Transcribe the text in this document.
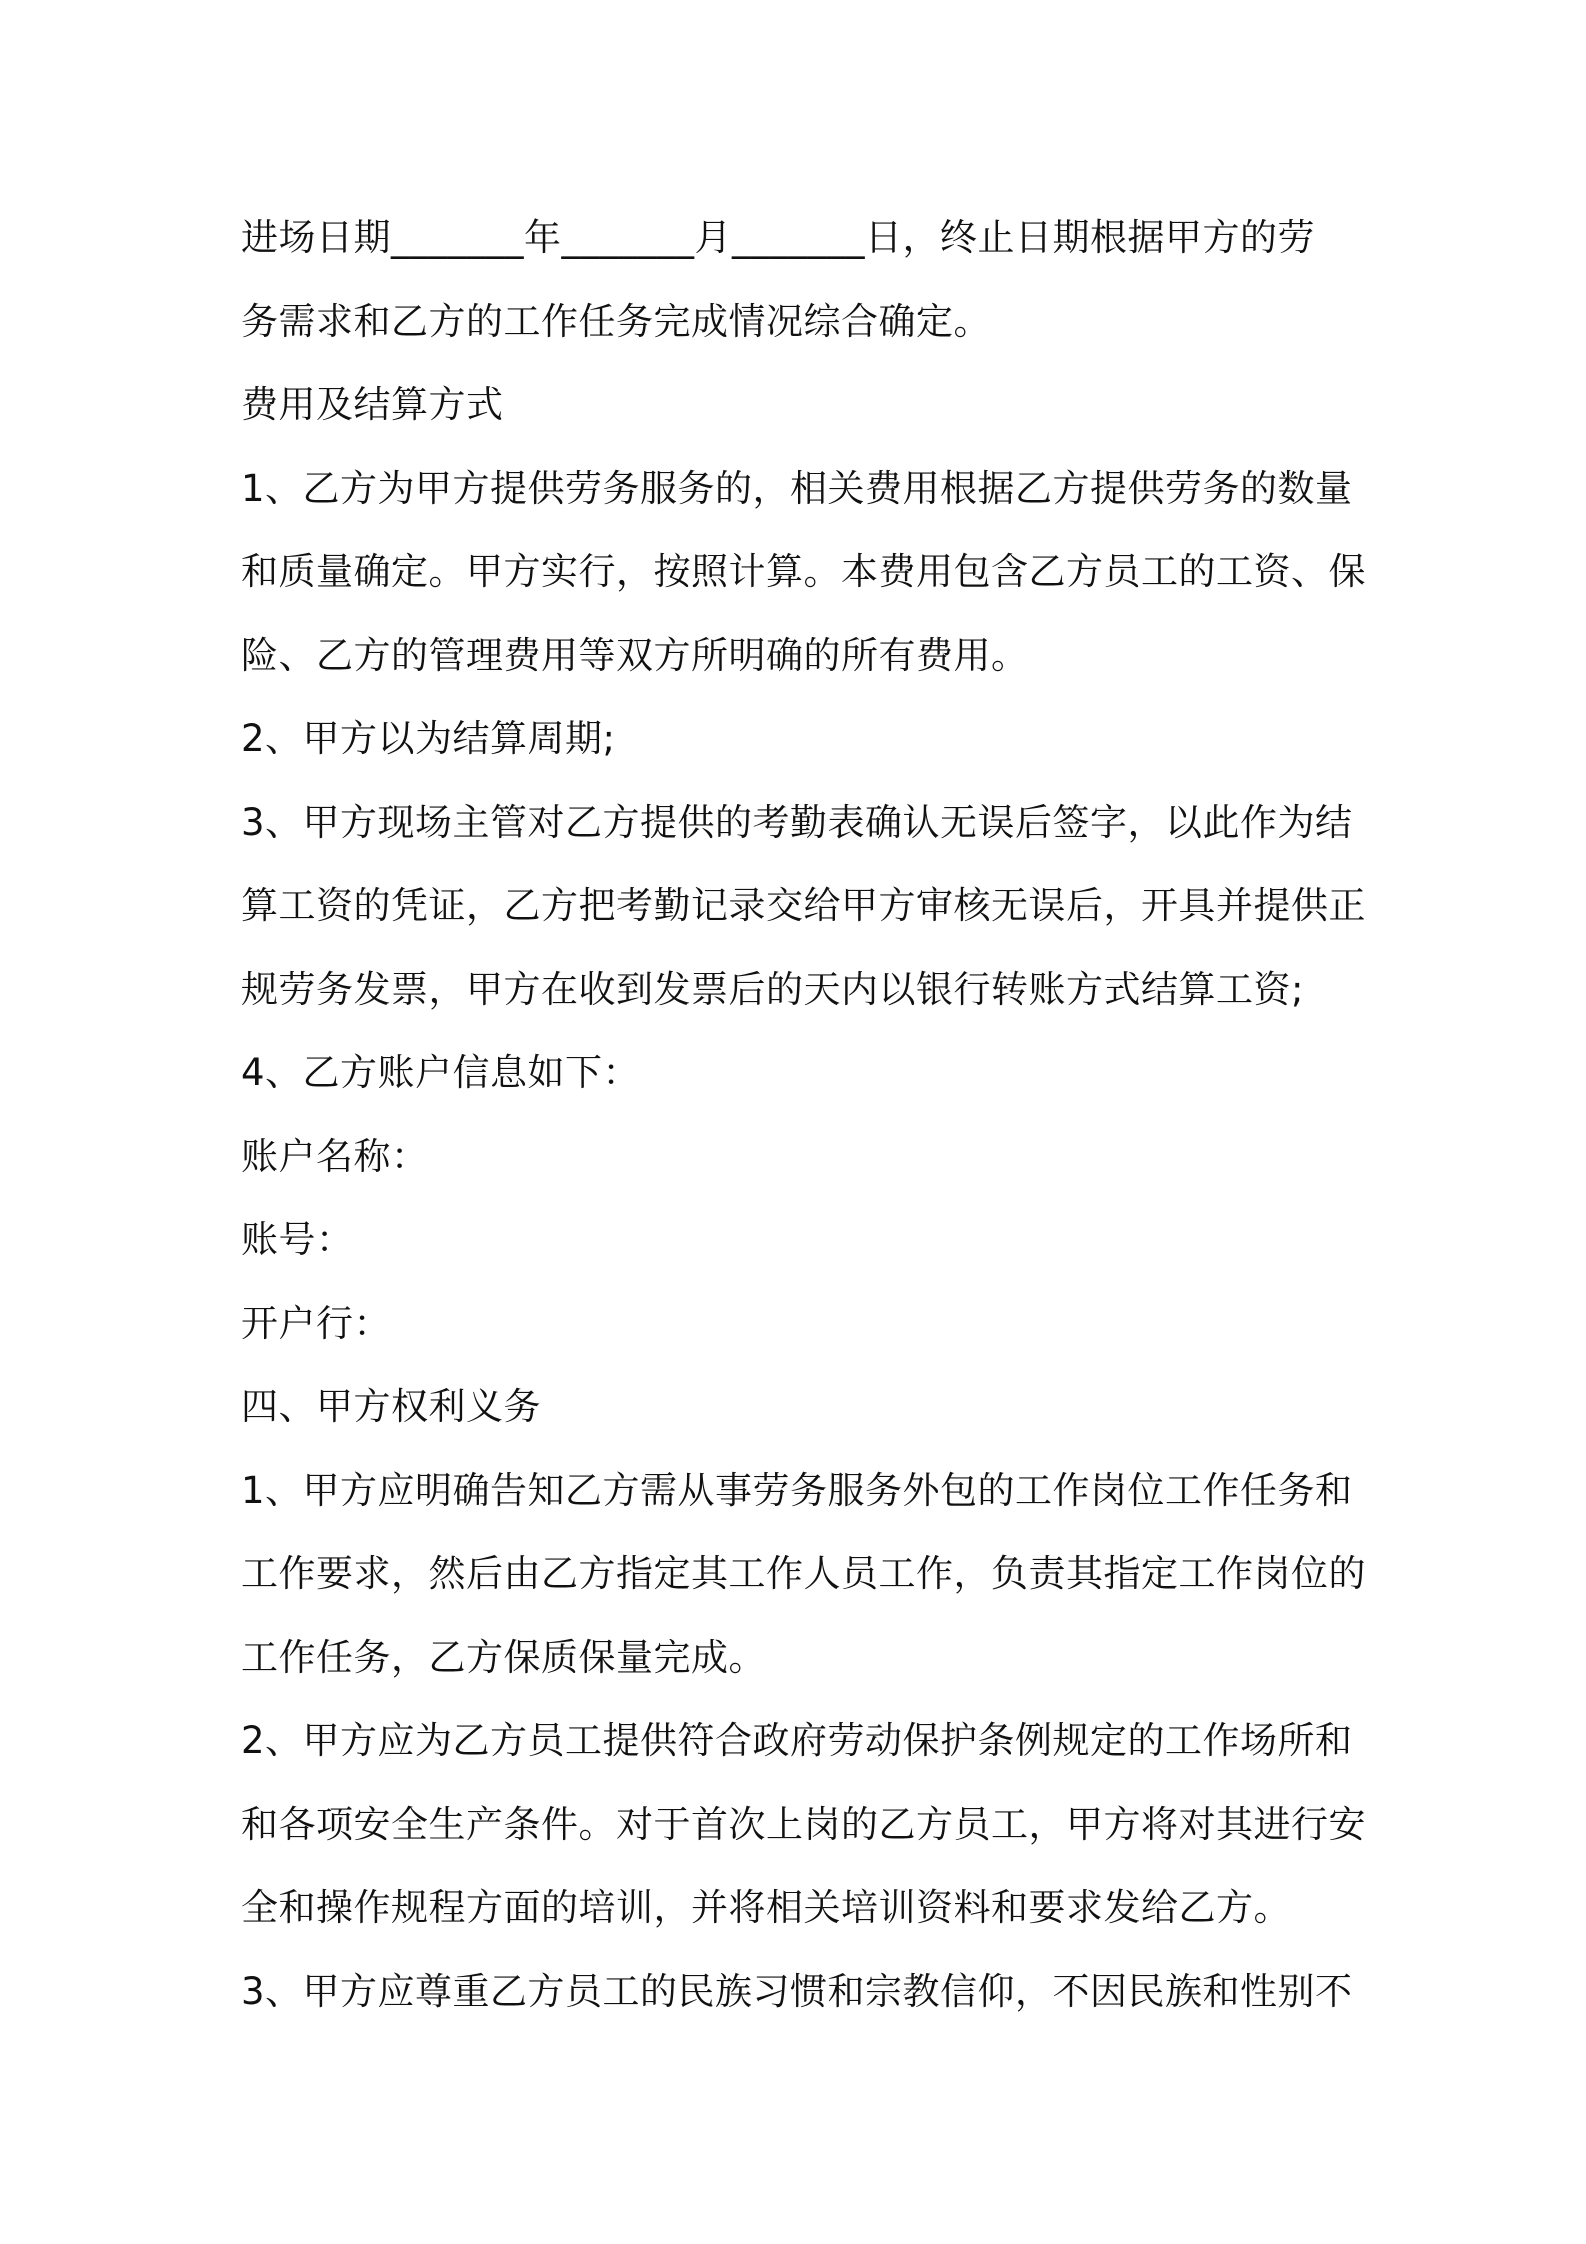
进场日期_______年_______月_______日，终止日期根据甲方的劳
务需求和乙方的工作任务完成情况综合确定。
费用及结算方式
1、乙方为甲方提供劳务服务的，相关费用根据乙方提供劳务的数量
和质量确定。甲方实行，按照计算。本费用包含乙方员工的工资、保
险、乙方的管理费用等双方所明确的所有费用。
2、甲方以为结算周期;
3、甲方现场主管对乙方提供的考勤表确认无误后签字，以此作为结
算工资的凭证，乙方把考勤记录交给甲方审核无误后，开具并提供正
规劳务发票，甲方在收到发票后的天内以银行转账方式结算工资;
4、乙方账户信息如下：
账户名称：
账号：
开户行：
四、甲方权利义务
1、甲方应明确告知乙方需从事劳务服务外包的工作岗位工作任务和
工作要求，然后由乙方指定其工作人员工作，负责其指定工作岗位的
工作任务，乙方保质保量完成。
2、甲方应为乙方员工提供符合政府劳动保护条例规定的工作场所和
和各项安全生产条件。对于首次上岗的乙方员工，甲方将对其进行安
全和操作规程方面的培训，并将相关培训资料和要求发给乙方。
3、甲方应尊重乙方员工的民族习惯和宗教信仰，不因民族和性别不
